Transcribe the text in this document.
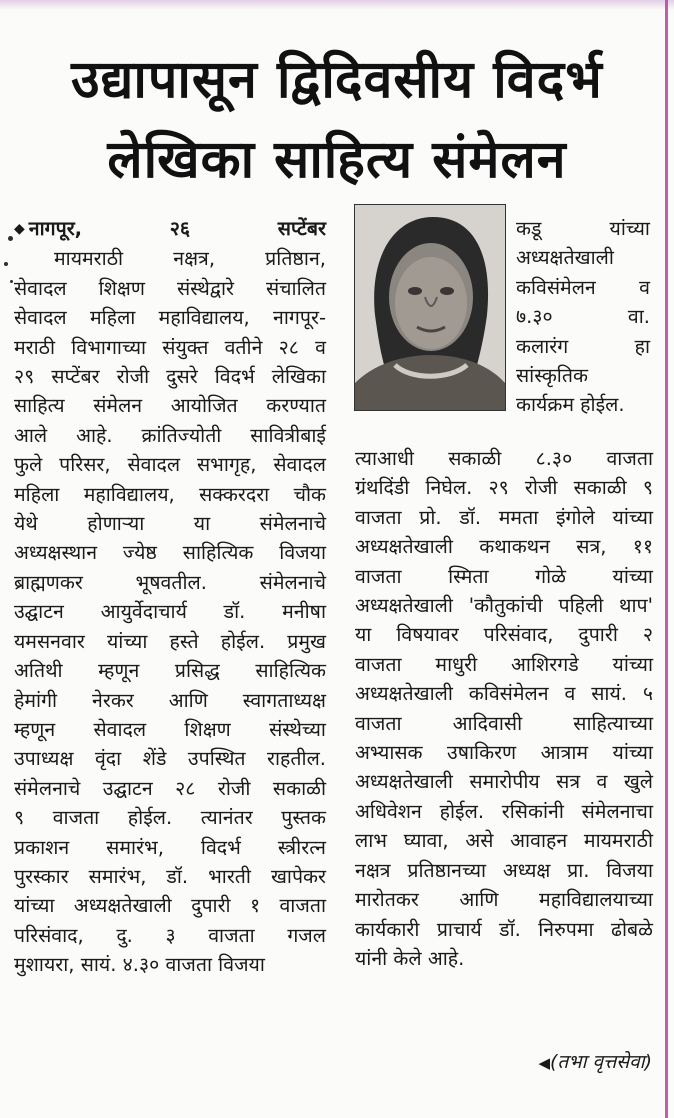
उद्यापासून द्विदिवसीय विदर्भ
लेखिका साहित्य संमेलन
◆ नागपूर, २६ सप्टेंबर
मायमराठी नक्षत्र, प्रतिष्ठान,
सेवादल शिक्षण संस्थेद्वारे संचालित
सेवादल महिला महाविद्यालय, नागपूर-
मराठी विभागाच्या संयुक्त वतीने २८ व
२९ सप्टेंबर रोजी दुसरे विदर्भ लेखिका
साहित्य संमेलन आयोजित करण्यात
आले आहे. क्रांतिज्योती सावित्रीबाई
फुले परिसर, सेवादल सभागृह, सेवादल
महिला महाविद्यालय, सक्करदरा चौक
येथे होणाऱ्या या संमेलनाचे
अध्यक्षस्थान ज्येष्ठ साहित्यिक विजया
ब्राह्मणकर भूषवतील. संमेलनाचे
उद्घाटन आयुर्वेदाचार्य डॉ. मनीषा
यमसनवार यांच्या हस्ते होईल. प्रमुख
अतिथी म्हणून प्रसिद्ध साहित्यिक
हेमांगी नेरकर आणि स्वागताध्यक्ष
म्हणून सेवादल शिक्षण संस्थेच्या
उपाध्यक्ष वृंदा शेंडे उपस्थित राहतील.
संमेलनाचे उद्घाटन २८ रोजी सकाळी
९ वाजता होईल. त्यानंतर पुस्तक
प्रकाशन समारंभ, विदर्भ स्त्रीरत्न
पुरस्कार समारंभ, डॉ. भारती खापेकर
यांच्या अध्यक्षतेखाली दुपारी १ वाजता
परिसंवाद, दु. ३ वाजता गजल
मुशायरा, सायं. ४.३० वाजता विजया
कडू यांच्या
अध्यक्षतेखाली
कविसंमेलन व
७.३० वा.
कलारंग हा
सांस्कृतिक
कार्यक्रम होईल.
त्याआधी सकाळी ८.३० वाजता
ग्रंथदिंडी निघेल. २९ रोजी सकाळी ९
वाजता प्रो. डॉ. ममता इंगोले यांच्या
अध्यक्षतेखाली कथाकथन सत्र, ११
वाजता स्मिता गोळे यांच्या
अध्यक्षतेखाली 'कौतुकांची पहिली थाप'
या विषयावर परिसंवाद, दुपारी २
वाजता माधुरी आशिरगडे यांच्या
अध्यक्षतेखाली कविसंमेलन व सायं. ५
वाजता आदिवासी साहित्याच्या
अभ्यासक उषाकिरण आत्राम यांच्या
अध्यक्षतेखाली समारोपीय सत्र व खुले
अधिवेशन होईल. रसिकांनी संमेलनाचा
लाभ घ्यावा, असे आवाहन मायमराठी
नक्षत्र प्रतिष्ठानच्या अध्यक्ष प्रा. विजया
मारोतकर आणि महाविद्यालयाच्या
कार्यकारी प्राचार्य डॉ. निरुपमा ढोबळे
यांनी केले आहे.
◀(तभा वृत्तसेवा)
